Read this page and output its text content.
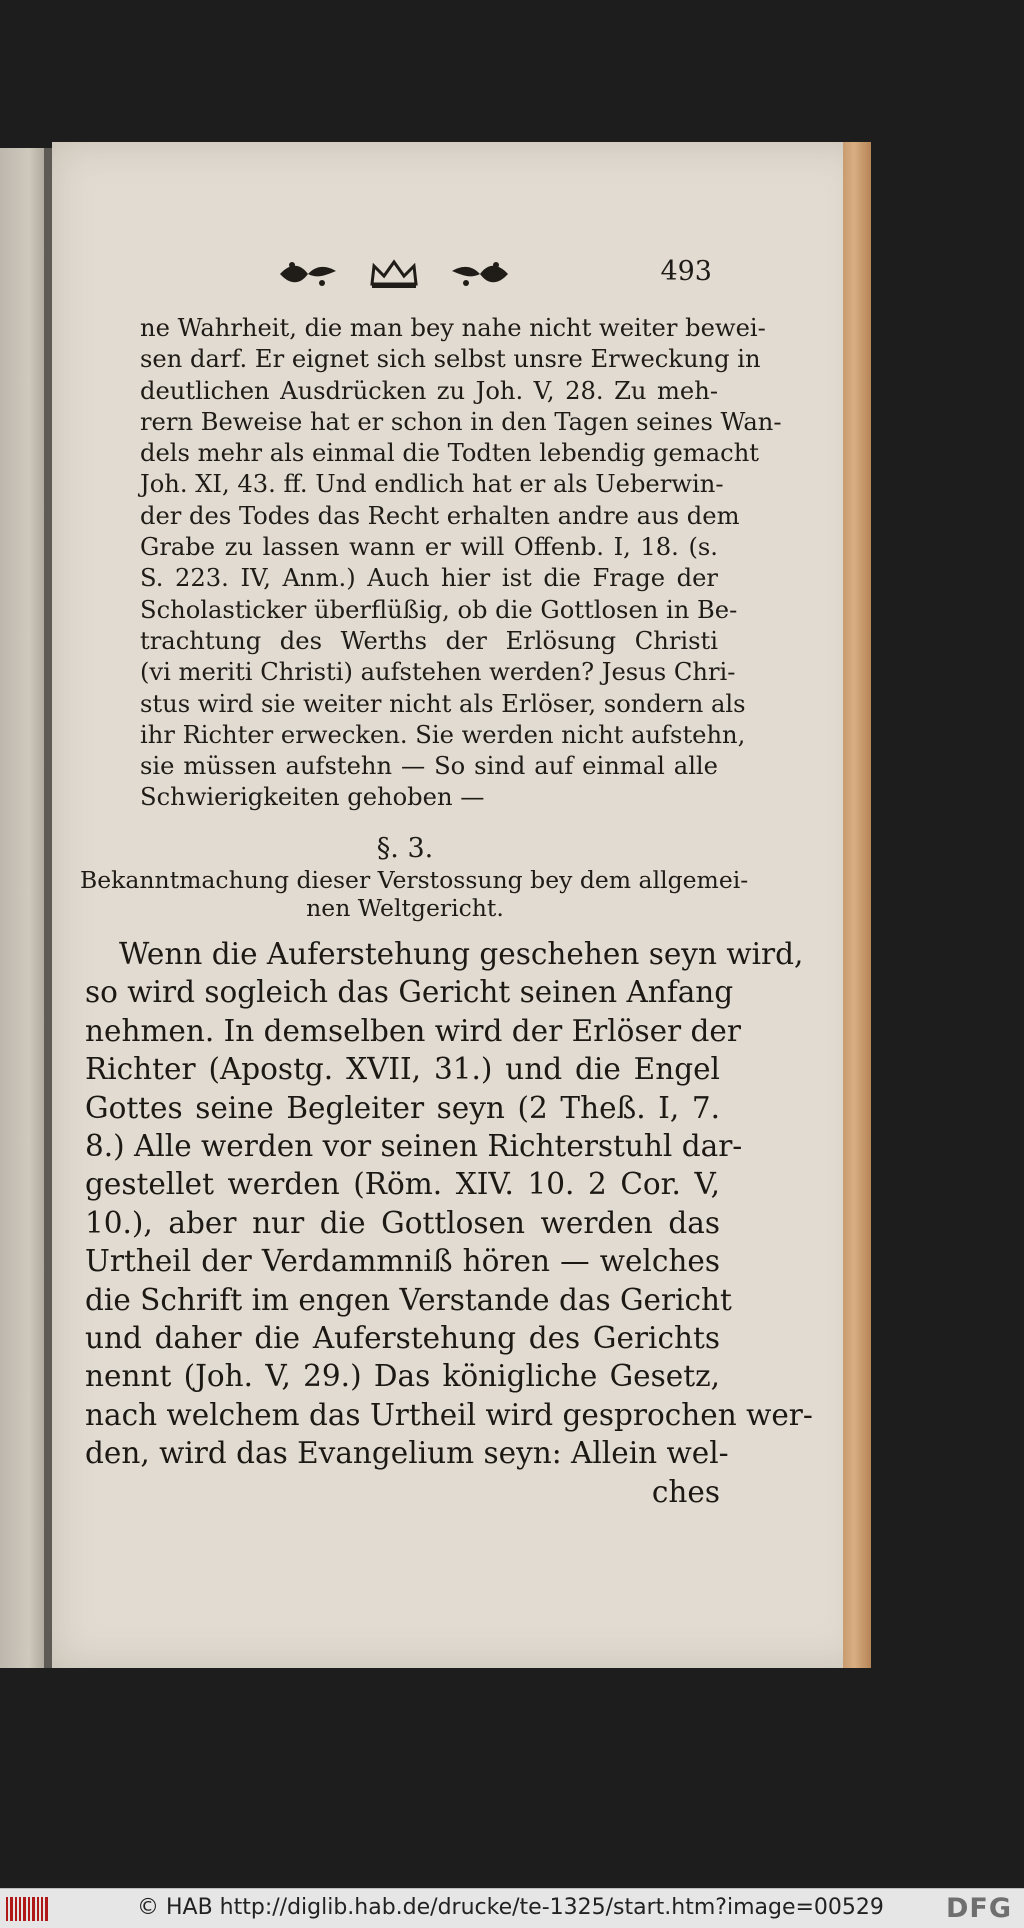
493
ne Wahrheit, die man bey nahe nicht weiter bewei-
sen darf. Er eignet sich selbst unsre Erweckung in
deutlichen Ausdrücken zu Joh. V, 28. Zu meh-
rern Beweise hat er schon in den Tagen seines Wan-
dels mehr als einmal die Todten lebendig gemacht
Joh. XI, 43. ff. Und endlich hat er als Ueberwin-
der des Todes das Recht erhalten andre aus dem
Grabe zu lassen wann er will Offenb. I, 18. (s.
S. 223. IV, Anm.) Auch hier ist die Frage der
Scholasticker überflüßig, ob die Gottlosen in Be-
trachtung des Werths der Erlösung Christi
(vi meriti Christi) aufstehen werden? Jesus Chri-
stus wird sie weiter nicht als Erlöser, sondern als
ihr Richter erwecken. Sie werden nicht aufstehn,
sie müssen aufstehn — So sind auf einmal alle
Schwierigkeiten gehoben —
§. 3.
Bekanntmachung dieser Verstossung bey dem allgemei-
nen Weltgericht.
Wenn die Auferstehung geschehen seyn wird,
so wird sogleich das Gericht seinen Anfang
nehmen. In demselben wird der Erlöser der
Richter (Apostg. XVII, 31.) und die Engel
Gottes seine Begleiter seyn (2 Theß. I, 7.
8.) Alle werden vor seinen Richterstuhl dar-
gestellet werden (Röm. XIV. 10. 2 Cor. V,
10.), aber nur die Gottlosen werden das
Urtheil der Verdammniß hören — welches
die Schrift im engen Verstande das Gericht
und daher die Auferstehung des Gerichts
nennt (Joh. V, 29.) Das königliche Gesetz,
nach welchem das Urtheil wird gesprochen wer-
den, wird das Evangelium seyn: Allein wel-
ches
© HAB http://diglib.hab.de/drucke/te-1325/start.htm?image=00529 DFG
